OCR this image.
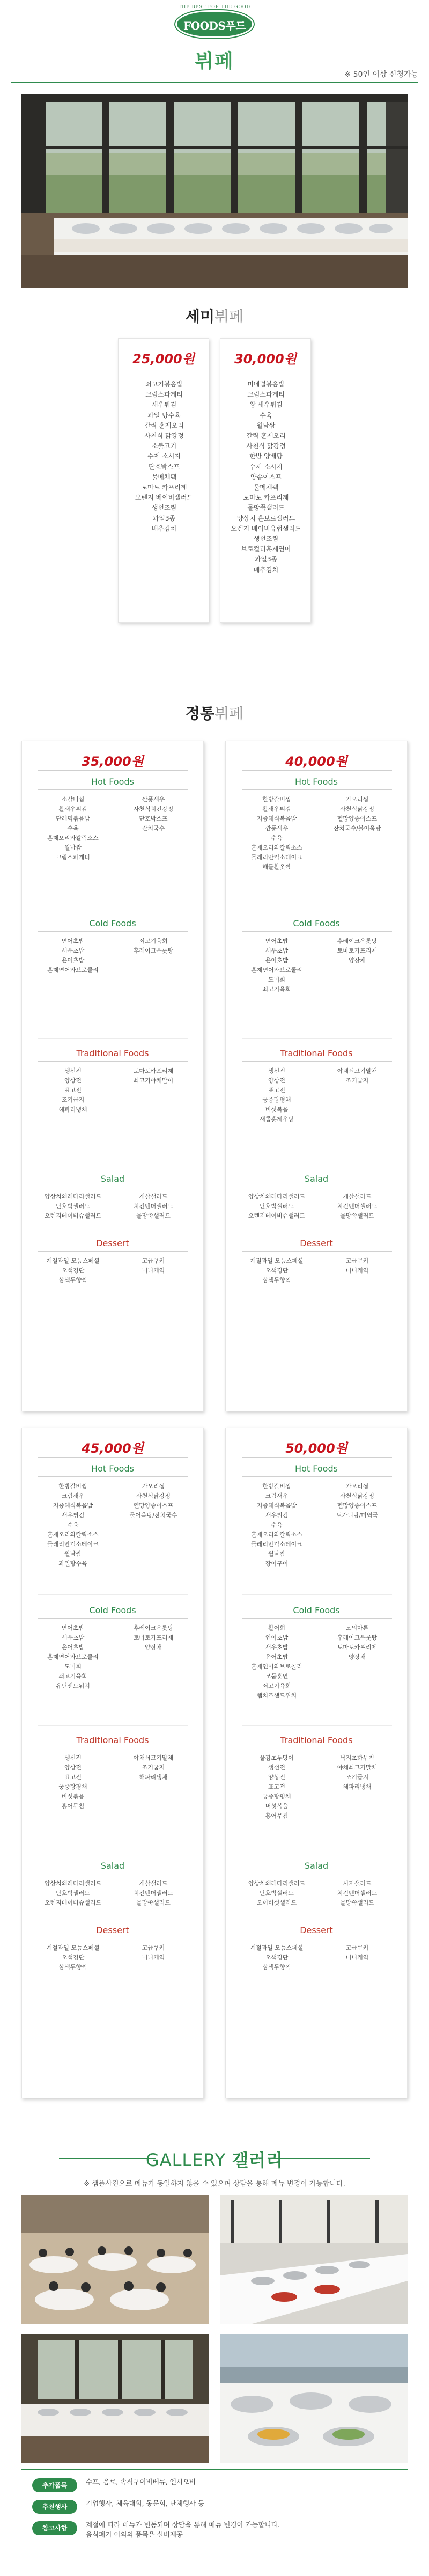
THE BEST FOR THE GOOD
FOODS푸드
뷔페
※ 50인 이상 신청가능
세미뷔페
25,000원
쇠고기볶음밥
크림스파게티
새우튀김
과일 탕수육
갈릭 훈제오리
사천식 닭강정
소불고기
수제 소시지
단호박스프
물메체팩
토마토 카프리제
오렌지 베이비샐러드
생선조림
과일3종
배추김치
30,000원
미네럴볶음밥
크림스파게티
왕 새우튀김
수육
월남쌈
갈릭 훈제오리
사천식 닭강정
한방 양배탕
수제 소시지
양송이스프
물메체팩
토마토 카프리제
물망쭉샐러드
양상치 훈보르샐러드
오렌지 베이비유럽샐러드
생선조림
브로컬리훈제연어
과일3종
배추김치
정통뷔페
35,000원
Hot Foods
소갈비찜
활새우튀김
단레먹볶음밥
수육
훈제오리와칼릭소스
월남쌈
크림스파게티
깐풍새우
사천식치킨강정
단호박스프
잔치국수
Cold Foods
연어초밥
새우초밥
윤어초밥
훈제연어와브로콜리
쇠고기육회
후레이크우롯탕
Traditional Foods
생선전
양상전
표고전
조기굽지
해파리냉채
토마토카프리제
쇠고기야채말이
Salad
양상치왜레다리샐러드
단호박샐러드
오렌지베이비슈샐러드
게살샐러드
치킨텐더샐러드
물망쭉샐러드
Dessert
계절과일 모듬스페셜
오색경단
삼색두향찍
고급쿠키
미니케익
40,000원
Hot Foods
한방갈비찜
활새우튀김
지중해식볶음밥
깐풍새우
수육
훈제오리와칼릭소스
물레리안킬소테이크
해물활옷쌈
가오리찜
사천식닭강정
헬망양송이스프
잔치국수/볼어욱탕
Cold Foods
연어초밥
새우초밥
윤어초밥
훈제연어와브로콜리
도미회
쇠고기육회
후레이크우롯탕
토마토카프리제
양장채
Traditional Foods
생선전
양상전
표고전
궁중탕평채
버섯볶음
새콤훈제우탕
야채쇠고기말채
조기굽지
Salad
양상치왜레다리샐러드
단호박샐러드
오렌지베이비슈샐러드
게살샐러드
치킨텐더샐러드
물망쭉샐러드
Dessert
계절과일 모듬스페셜
오색경단
삼색두향찍
고급쿠키
미니케익
45,000원
Hot Foods
한방갈비찜
크림새우
지중해식볶음밥
새우튀김
수육
훈제오리와칼릭소스
물레리안킬소테이크
월남쌈
과일탕수육
가오리찜
사천식닭강정
헬망양송이스프
물어욱탕/잔치국수
Cold Foods
연어초밥
새우초밥
윤어초밥
훈제연어와브로콜리
도미회
쇠고기육회
유닌샌드위치
후레이크우롯탕
토마토카프리제
양장채
Traditional Foods
생선전
양상전
표고전
궁중탕평채
버섯볶음
홍어무침
야채쇠고기말채
조기굽지
해파리냉채
Salad
양상치왜레다리샐러드
단호박샐러드
오렌지베이비슈샐러드
게살샐러드
치킨텐더샐러드
물망쭉샐러드
Dessert
계절과일 모듬스페셜
오색경단
삼색두향찍
고급쿠키
미니케익
50,000원
Hot Foods
한방갈비찜
크림새우
지중해식볶음밥
새우튀김
수육
훈제오리와칼릭소스
물레리안킬소테이크
월남쌈
장어구이
가오리찜
사천식닭강정
헬망양송이스프
도가니탕/미역국
Cold Foods
활어회
연어초밥
새우초밥
윤어초밥
훈제연어와브로콜리
모둠훈연
쇠고기육회
햄치즈샌드위치
모의마튼
후레이크우롯탕
토마토카프리제
양장채
Traditional Foods
물감초두탕이
생선전
양상전
표고전
궁중탕평채
버섯볶음
홍어무침
낙지초화무침
야채쇠고기말채
조기굽지
해파리냉채
Salad
양상치왜레다리샐러드
단호박샐러드
오이버섯샐러드
시저샐러드
치킨텐더샐러드
물망쭉샐러드
Dessert
계절과일 모듬스페셜
오색경단
삼색두향찍
고급쿠키
미니케익
GALLERY 갤러리
※ 샘플사진으로 메뉴가 동일하지 않을 수 있으며 상담을 통해 메뉴 변경이 가능합니다.
추가품목	수프, 음료, 속식구이비베큐, 엔시오비
추천행사	기업행사, 체육대회, 동문회, 단체행사 등
참고사항	계절에 따라 메뉴가 변동되며 상담을 통해 메뉴 변경이 가능합니다.
음식폐기 이외의 품목은 실비제공
